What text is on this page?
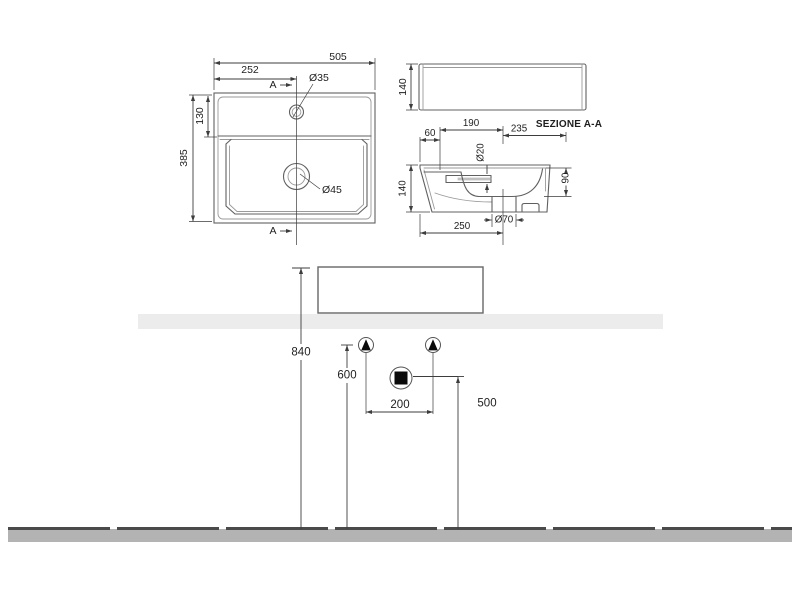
505
252
385
130
Ø35
Ø45
A
A
140
SEZIONE A-A
60
190	235
Ø20
140
90
Ø70
250
840
600
500
200
